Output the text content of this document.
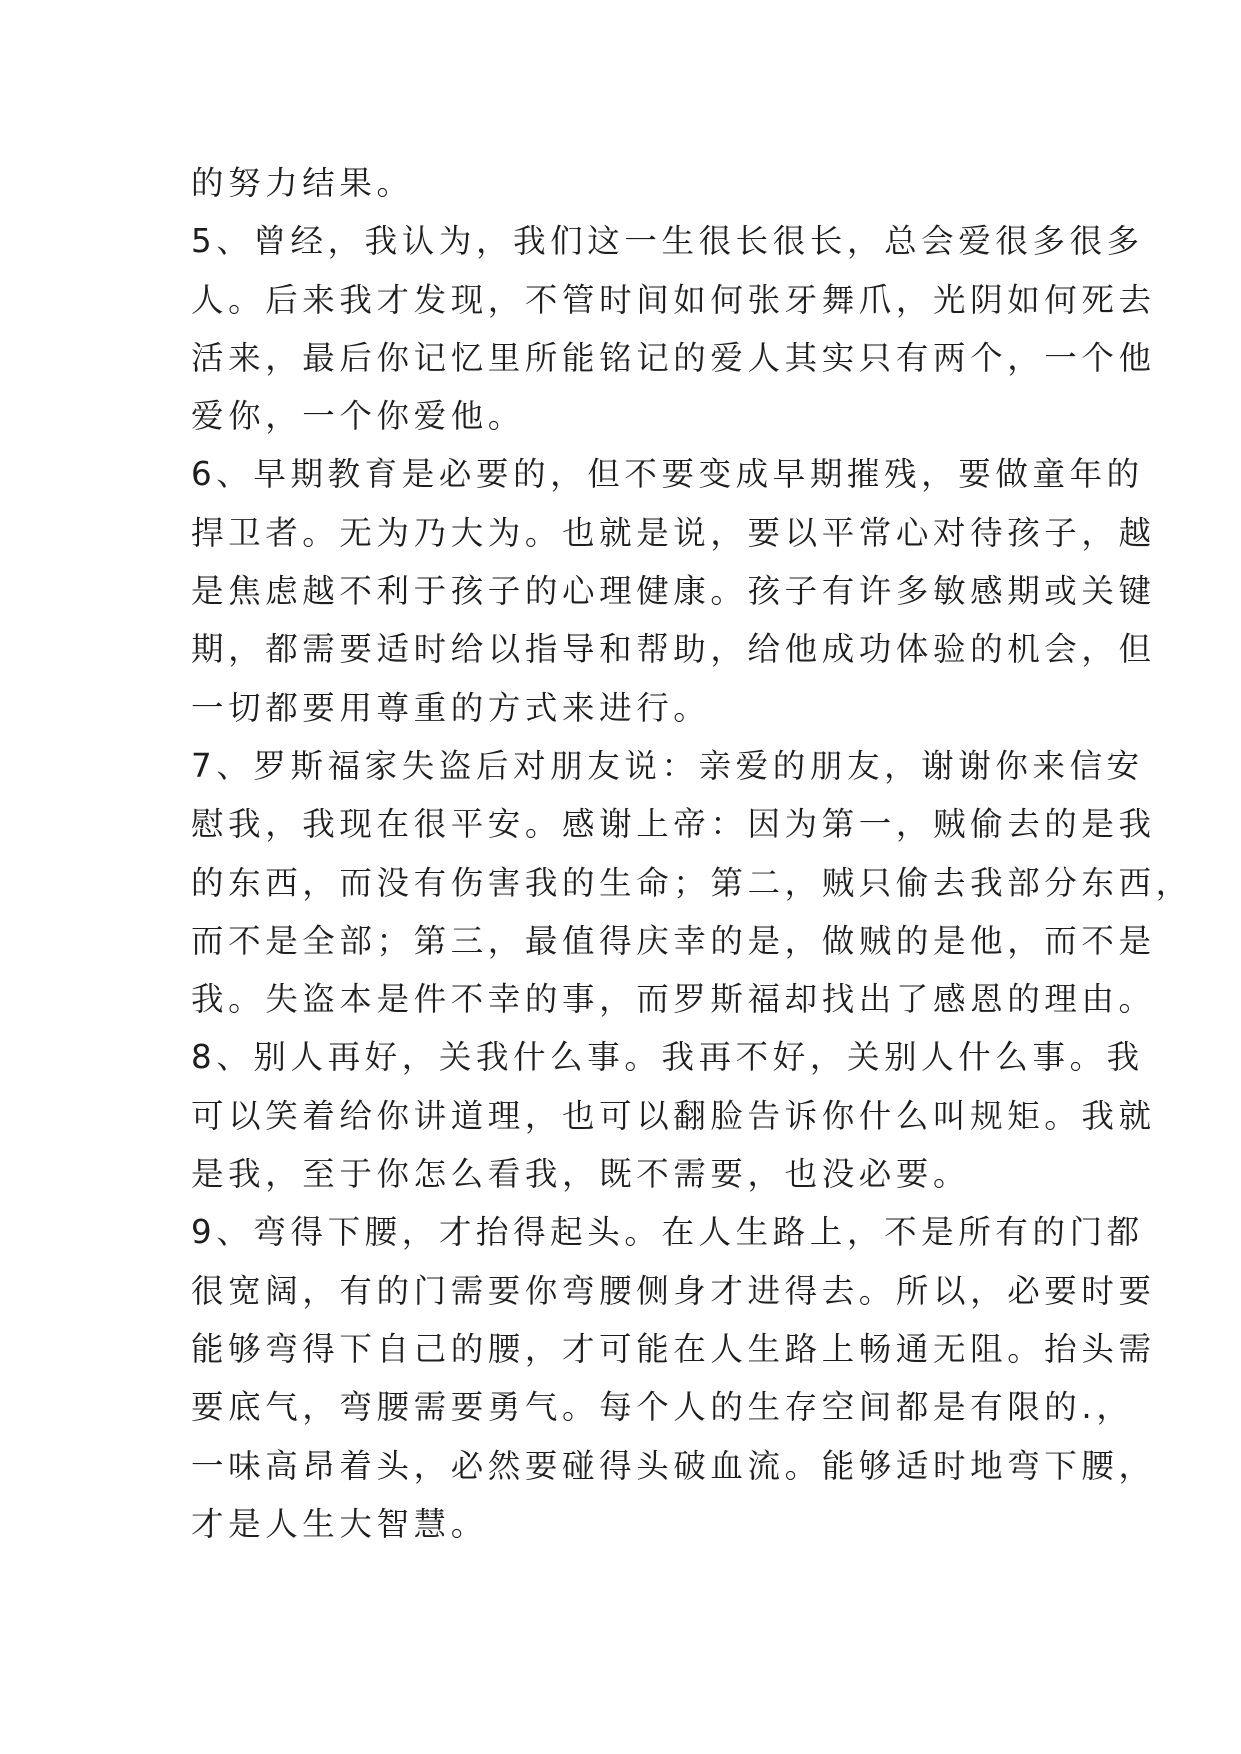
的努力结果。
5、曾经，我认为，我们这一生很长很长，总会爱很多很多
人。后来我才发现，不管时间如何张牙舞爪，光阴如何死去
活来，最后你记忆里所能铭记的爱人其实只有两个，一个他
爱你，一个你爱他。
6、早期教育是必要的，但不要变成早期摧残，要做童年的
捍卫者。无为乃大为。也就是说，要以平常心对待孩子，越
是焦虑越不利于孩子的心理健康。孩子有许多敏感期或关键
期，都需要适时给以指导和帮助，给他成功体验的机会，但
一切都要用尊重的方式来进行。
7、罗斯福家失盗后对朋友说：亲爱的朋友，谢谢你来信安
慰我，我现在很平安。感谢上帝：因为第一，贼偷去的是我
的东西，而没有伤害我的生命；第二，贼只偷去我部分东西，
而不是全部；第三，最值得庆幸的是，做贼的是他，而不是
我。失盗本是件不幸的事，而罗斯福却找出了感恩的理由。
8、别人再好，关我什么事。我再不好，关别人什么事。我
可以笑着给你讲道理，也可以翻脸告诉你什么叫规矩。我就
是我，至于你怎么看我，既不需要，也没必要。
9、弯得下腰，才抬得起头。在人生路上，不是所有的门都
很宽阔，有的门需要你弯腰侧身才进得去。所以，必要时要
能够弯得下自己的腰，才可能在人生路上畅通无阻。抬头需
要底气，弯腰需要勇气。每个人的生存空间都是有限的.，
一味高昂着头，必然要碰得头破血流。能够适时地弯下腰，
才是人生大智慧。
